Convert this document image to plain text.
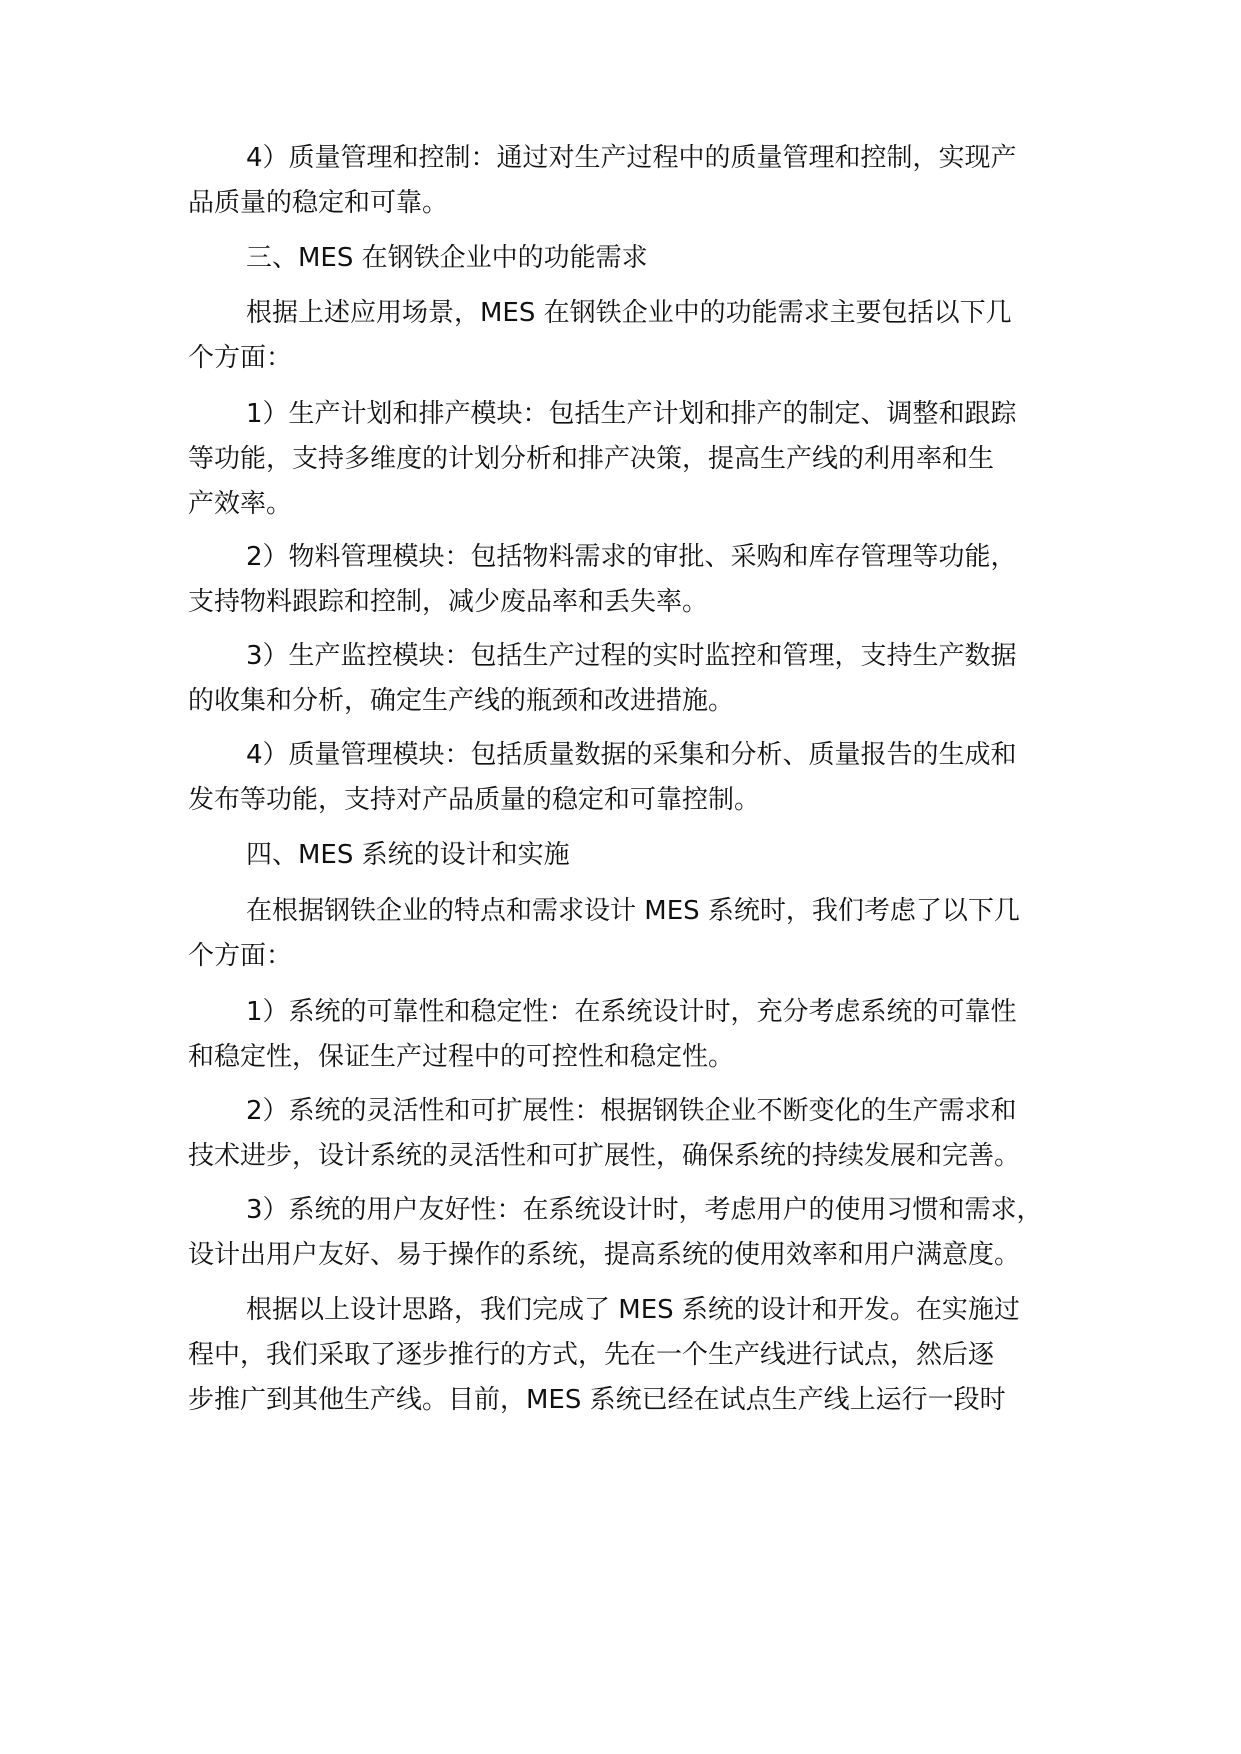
4）质量管理和控制：通过对生产过程中的质量管理和控制，实现产
品质量的稳定和可靠。
三、MES 在钢铁企业中的功能需求
根据上述应用场景，MES 在钢铁企业中的功能需求主要包括以下几
个方面：
1）生产计划和排产模块：包括生产计划和排产的制定、调整和跟踪
等功能，支持多维度的计划分析和排产决策，提高生产线的利用率和生
产效率。
2）物料管理模块：包括物料需求的审批、采购和库存管理等功能，
支持物料跟踪和控制，减少废品率和丢失率。
3）生产监控模块：包括生产过程的实时监控和管理，支持生产数据
的收集和分析，确定生产线的瓶颈和改进措施。
4）质量管理模块：包括质量数据的采集和分析、质量报告的生成和
发布等功能，支持对产品质量的稳定和可靠控制。
四、MES 系统的设计和实施
在根据钢铁企业的特点和需求设计 MES 系统时，我们考虑了以下几
个方面：
1）系统的可靠性和稳定性：在系统设计时，充分考虑系统的可靠性
和稳定性，保证生产过程中的可控性和稳定性。
2）系统的灵活性和可扩展性：根据钢铁企业不断变化的生产需求和
技术进步，设计系统的灵活性和可扩展性，确保系统的持续发展和完善。
3）系统的用户友好性：在系统设计时，考虑用户的使用习惯和需求，
设计出用户友好、易于操作的系统，提高系统的使用效率和用户满意度。
根据以上设计思路，我们完成了 MES 系统的设计和开发。在实施过
程中，我们采取了逐步推行的方式，先在一个生产线进行试点，然后逐
步推广到其他生产线。目前，MES 系统已经在试点生产线上运行一段时
